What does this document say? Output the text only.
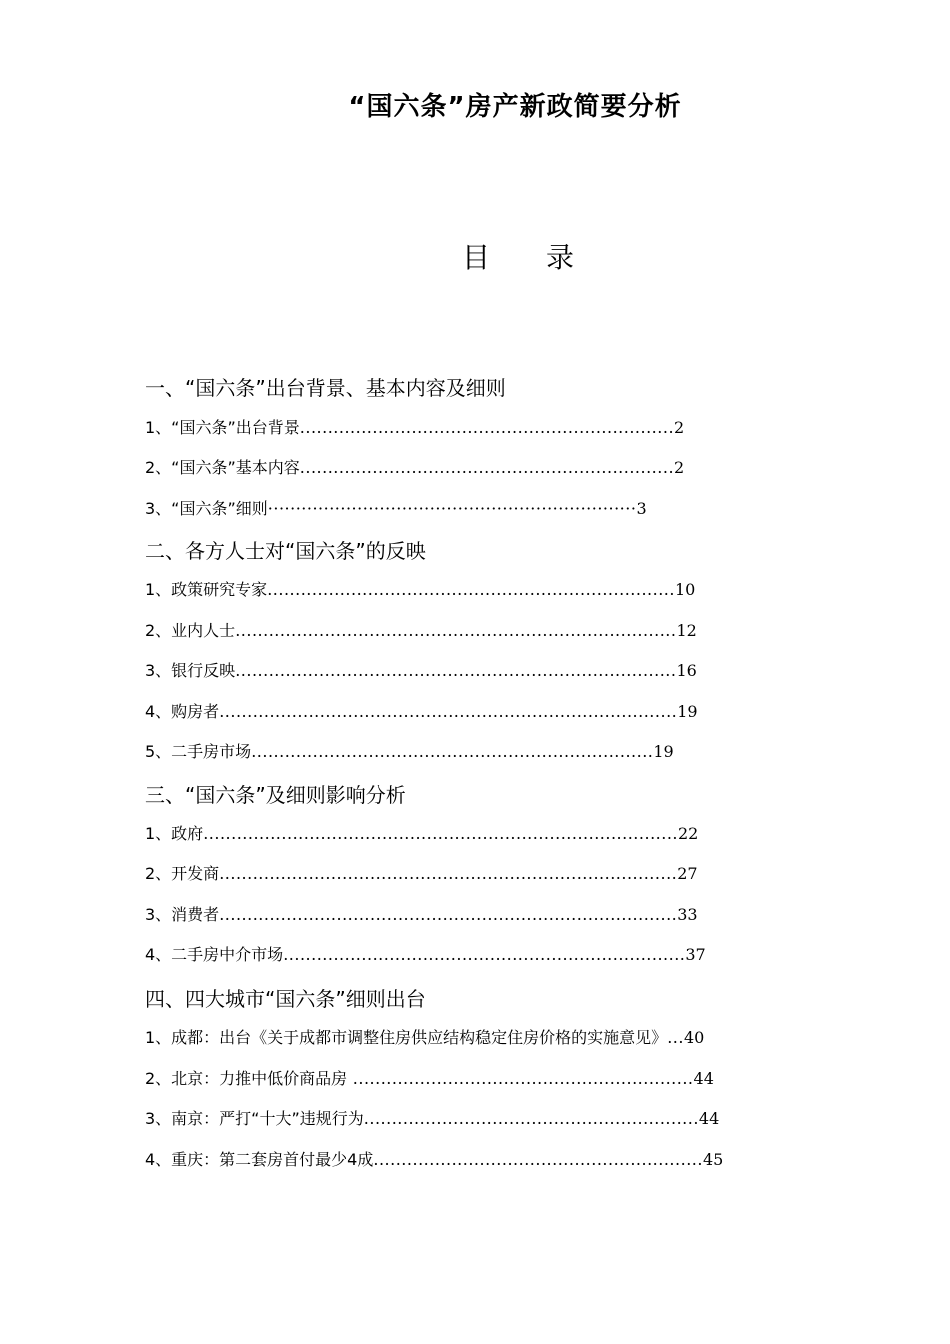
“国六条”房产新政简要分析
目　　录
一、“国六条”出台背景、基本内容及细则
1、“国六条”出台背景...................................................................2
2、“国六条”基本内容...................................................................2
3、“国六条”细则··································································3
二、各方人士对“国六条”的反映
1、政策研究专家.........................................................................10
2、业内人士...............................................................................12
3、银行反映...............................................................................16
4、购房者..................................................................................19
5、二手房市场........................................................................19
三、“国六条”及细则影响分析
1、政府.....................................................................................22
2、开发商..................................................................................27
3、消费者..................................................................................33
4、二手房中介市场........................................................................37
四、四大城市“国六条”细则出台
1、成都：出台《关于成都市调整住房供应结构稳定住房价格的实施意见》...40
2、北京：力推中低价商品房 .............................................................44
3、南京：严打“十大”违规行为............................................................44
4、重庆：第二套房首付最少4成...........................................................45
